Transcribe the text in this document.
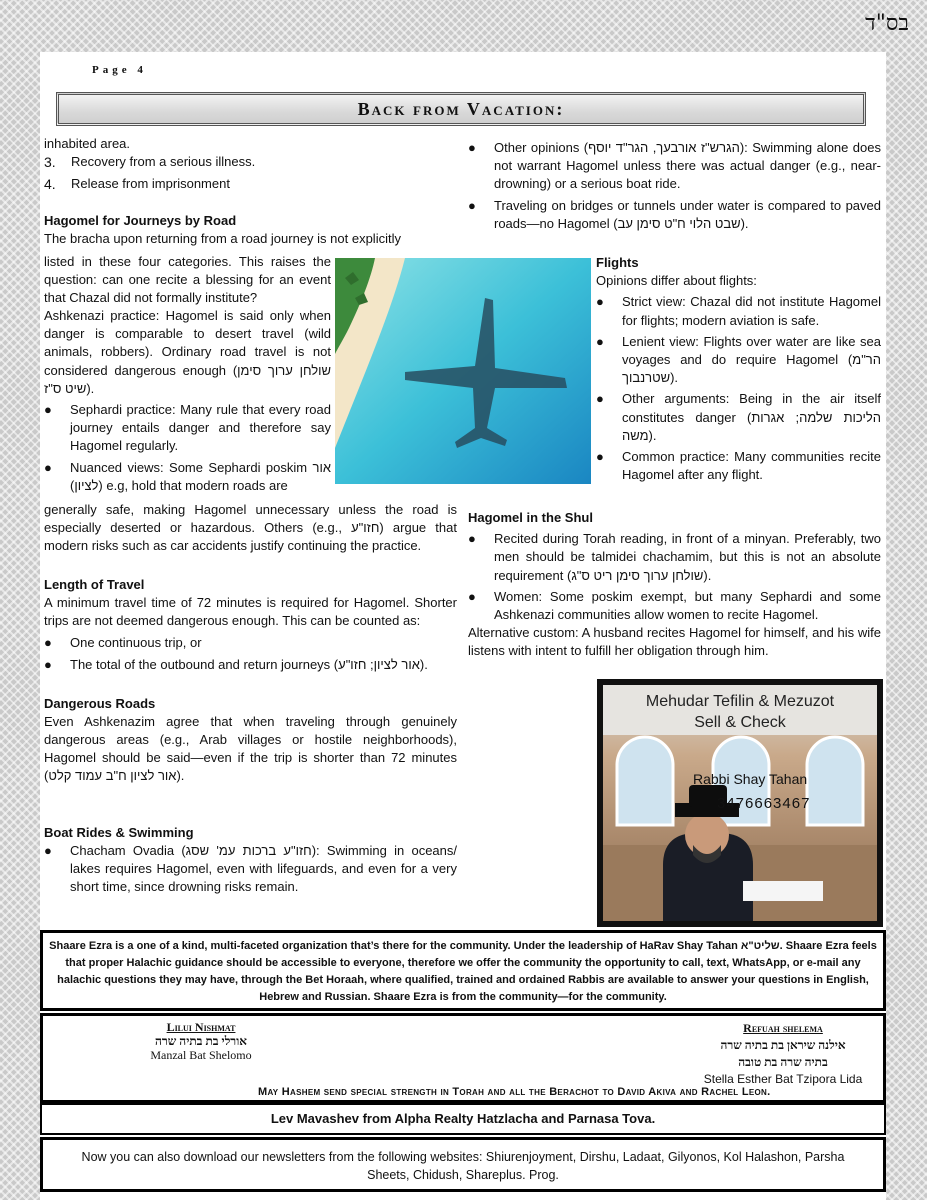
בס"ד
Page 4
Back from Vacation:

inhabited area.

3.	Recovery from a serious illness.
4.	Release from imprisonment

Hagomel for Journeys by Road

The bracha upon returning from a road journey is not explicitly

listed in these four categories. This raises the question: can one recite a blessing for an event that Chazal did not formally institute?

Ashkenazi practice: Hagomel is said only when danger is comparable to desert travel (wild animals, robbers). Ordinary road travel is not considered dangerous enough (שולחן ערוך סימן שיט ס"ז).

●	Sephardi practice: Many rule that every road journey entails danger and therefore say Hagomel regularly.
●	Nuanced views: Some Sephardi poskim אור (לציון) e.g, hold that modern roads are

generally safe, making Hagomel unnecessary unless the road is especially deserted or hazardous. Others (e.g., חזו"ע) argue that modern risks such as car accidents justify continuing the practice.

Length of Travel

A minimum travel time of 72 minutes is required for Hagomel. Shorter trips are not deemed dangerous enough. This can be counted as:

●	One continuous trip, or
●	The total of the outbound and return journeys (אור לציון; חזו"ע).

Dangerous Roads

Even Ashkenazim agree that when traveling through genuinely dangerous areas (e.g., Arab villages or hostile neighborhoods), Hagomel should be said—even if the trip is shorter than 72 minutes (אור לציון ח"ב עמוד קלט).

Boat Rides & Swimming

●	Chacham Ovadia (חזו"ע ברכות עמ' שסג): Swimming in oceans/ lakes requires Hagomel, even with lifeguards, and even for a very short time, since drowning risks remain.
●	Other opinions (הגרש"ז אורבעך, הגר"ד יוסף): Swimming alone does not warrant Hagomel unless there was actual danger (e.g., near-drowning) or a serious boat ride.
●	Traveling on bridges or tunnels under water is compared to paved roads—no Hagomel (שבט הלוי ח"ט סימן עב).

Flights

Opinions differ about flights:

●	Strict view: Chazal did not institute Hagomel for flights; modern aviation is safe.
●	Lenient view: Flights over water are like sea voyages and do require Hagomel (הר"מ שטרנבוך).
●	Other arguments: Being in the air itself constitutes danger (הליכות שלמה; אגרות משה).
●	Common practice: Many communities recite Hagomel after any flight.

Hagomel in the Shul

●	Recited during Torah reading, in front of a minyan. Preferably, two men should be talmidei chachamim, but this is not an absolute requirement (שולחן ערוך סימן ריט ס"ג).
●	Women: Some poskim exempt, but many Sephardi and some Ashkenazi communities allow women to recite Hagomel.

Alternative custom: A husband recites Hagomel for himself, and his wife listens with intent to fulfill her obligation through him.

Mehudar Tefilin & Mezuzot
Sell & Check
Rabbi Shay Tahan
3476663467
Shaare Ezra is a one of a kind, multi-faceted organization that’s there for the community. Under the leadership of HaRav Shay Tahan שליט"א. Shaare Ezra feels that proper Halachic guidance should be accessible to everyone, therefore we offer the community the opportunity to call, text, WhatsApp, or e-mail any halachic questions they may have, through the Bet Horaah, where qualified, trained and ordained Rabbis are available to answer your questions in English, Hebrew and Russian. Shaare Ezra is from the community—for the community.
Lilui Nishmat
אורלי בת בתיה שרה
Manzal Bat Shelomo
Refuah shelema
אילנה שיראן בת בתיה שרה
בתיה שרה בת טובה
Stella Esther Bat Tzipora Lida
May Hashem send special strength in Torah and all the Berachot to David Akiva and Rachel Leon.
Lev Mavashev from Alpha Realty Hatzlacha and Parnasa Tova.
Now you can also download our newsletters from the following websites: Shiurenjoyment, Dirshu, Ladaat, Gilyonos, Kol Halashon, Parsha Sheets, Chidush, Shareplus. Prog.
